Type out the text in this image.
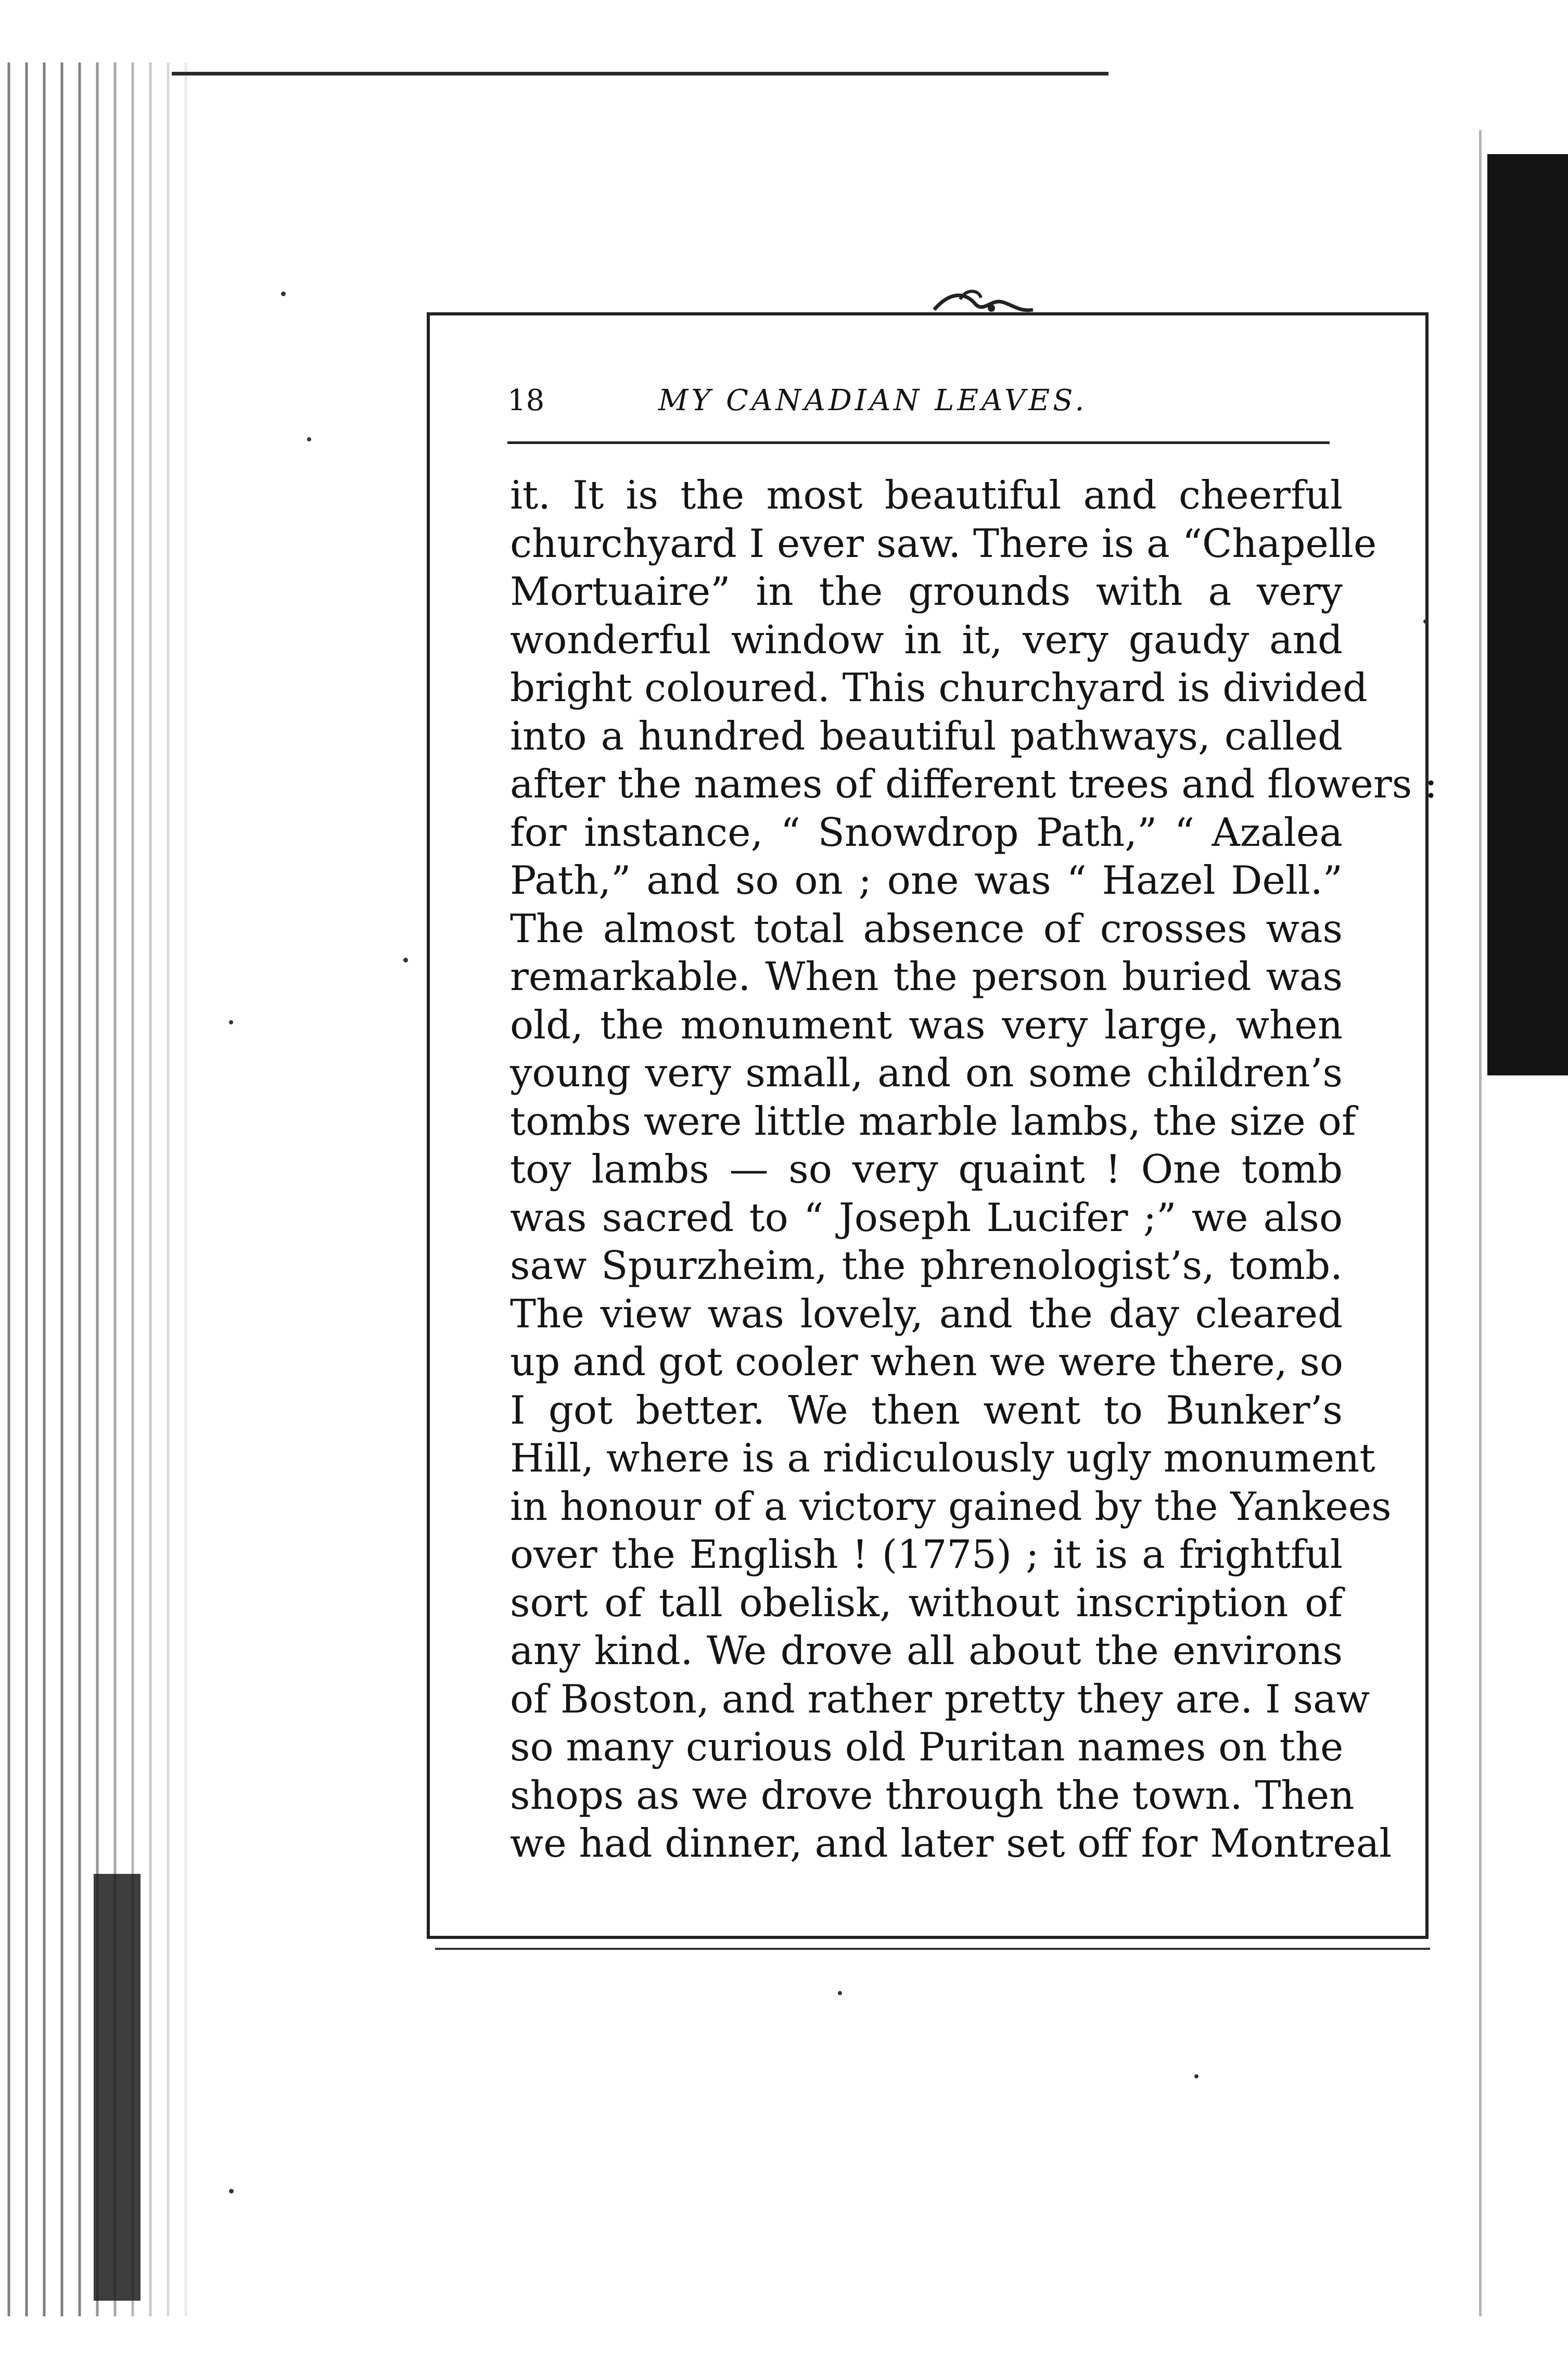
18	MY CANADIAN LEAVES.
it. It is the most beautiful and cheerful
churchyard I ever saw. There is a “Chapelle
Mortuaire” in the grounds with a very
wonderful window in it, very gaudy and
bright coloured. This churchyard is divided
into a hundred beautiful pathways, called
after the names of different trees and flowers :
for instance, “ Snowdrop Path,” “ Azalea
Path,” and so on ; one was “ Hazel Dell.”
The almost total absence of crosses was
remarkable. When the person buried was
old, the monument was very large, when
young very small, and on some children’s
tombs were little marble lambs, the size of
toy lambs — so very quaint ! One tomb
was sacred to “ Joseph Lucifer ;” we also
saw Spurzheim, the phrenologist’s, tomb.
The view was lovely, and the day cleared
up and got cooler when we were there, so
I got better. We then went to Bunker’s
Hill, where is a ridiculously ugly monument
in honour of a victory gained by the Yankees
over the English ! (1775) ; it is a frightful
sort of tall obelisk, without inscription of
any kind. We drove all about the environs
of Boston, and rather pretty they are. I saw
so many curious old Puritan names on the
shops as we drove through the town. Then
we had dinner, and later set off for Montreal
